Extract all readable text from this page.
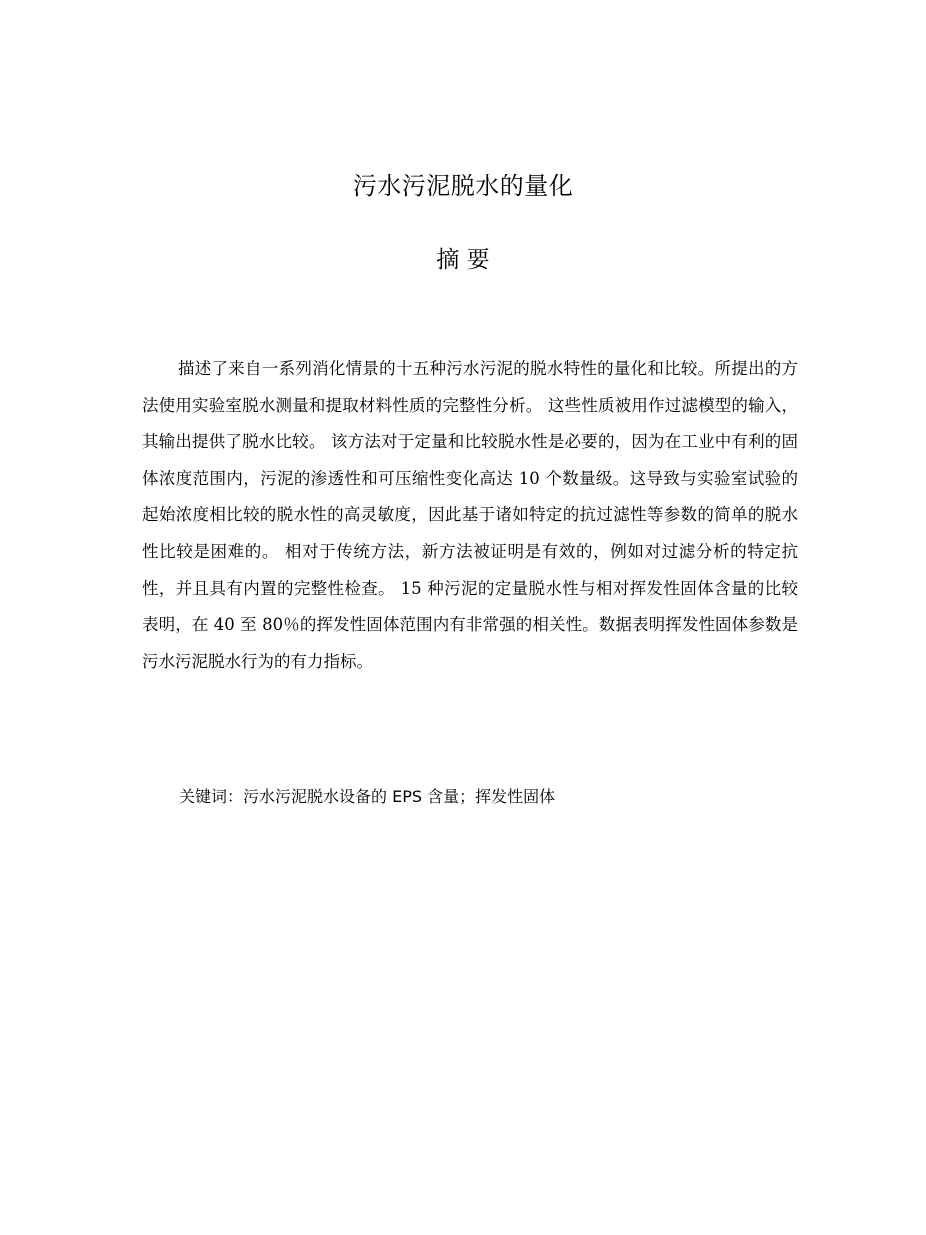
污水污泥脱水的量化
摘 要

描述了来自一系列消化情景的十五种污水污泥的脱水特性的量化和比较。所提出的方法使用实验室脱水测量和提取材料性质的完整性分析。 这些性质被用作过滤模型的输入，其输出提供了脱水比较。 该方法对于定量和比较脱水性是必要的，因为在工业中有利的固体浓度范围内，污泥的渗透性和可压缩性变化高达 10 个数量级。这导致与实验室试验的起始浓度相比较的脱水性的高灵敏度，因此基于诸如特定的抗过滤性等参数的简单的脱水性比较是困难的。 相对于传统方法，新方法被证明是有效的，例如对过滤分析的特定抗性，并且具有内置的完整性检查。 15 种污泥的定量脱水性与相对挥发性固体含量的比较表明，在 40 至 80％的挥发性固体范围内有非常强的相关性。数据表明挥发性固体参数是污水污泥脱水行为的有力指标。

关键词：污水污泥脱水设备的 EPS 含量；挥发性固体
